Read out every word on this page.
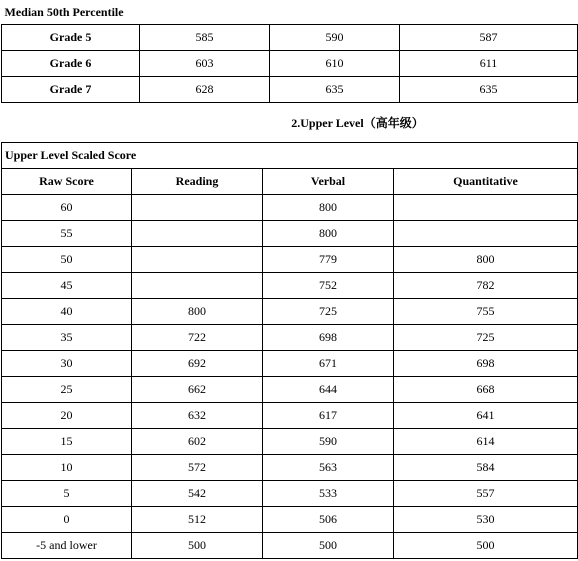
Median 50th Percentile			
Grade 5	585	590	587
Grade 6	603	610	611
Grade 7	628	635	635
2.Upper Level（高年级）
Upper Level Scaled Score			
Raw Score	Reading	Verbal	Quantitative
60		800	
55		800	
50		779	800
45		752	782
40	800	725	755
35	722	698	725
30	692	671	698
25	662	644	668
20	632	617	641
15	602	590	614
10	572	563	584
5	542	533	557
0	512	506	530
-5 and lower	500	500	500
